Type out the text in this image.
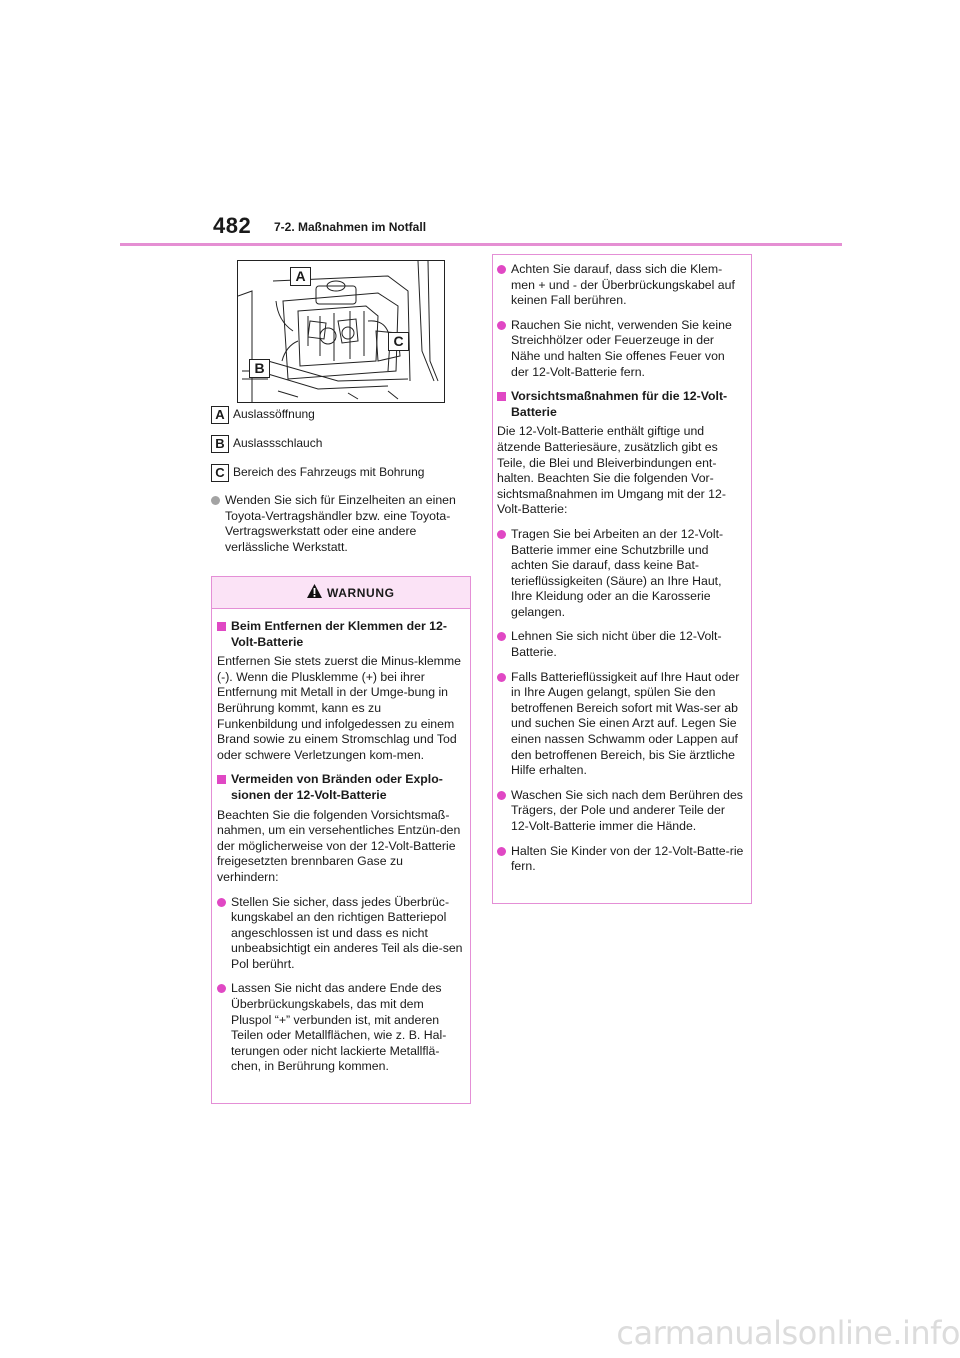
482 7-2. Maßnahmen im Notfall
A
B
C
A Auslassöffnung
B Auslassschlauch
C Bereich des Fahrzeugs mit Bohrung
Wenden Sie sich für Einzelheiten an einen Toyota-Vertragshändler bzw. eine Toyota-Vertragswerkstatt oder eine andere verlässliche Werkstatt.
WARNUNG
Beim Entfernen der Klemmen der 12-Volt-Batterie
Entfernen Sie stets zuerst die Minus-klemme (-). Wenn die Plusklemme (+) bei ihrer Entfernung mit Metall in der Umge-bung in Berührung kommt, kann es zu Funkenbildung und infolgedessen zu einem Brand sowie zu einem Stromschlag und Tod oder schwere Verletzungen kom-men.
Vermeiden von Bränden oder Explo-sionen der 12-Volt-Batterie
Beachten Sie die folgenden Vorsichtsmaß-nahmen, um ein versehentliches Entzün-den der möglicherweise von der 12-Volt-Batterie freigesetzten brennbaren Gase zu verhindern:
Stellen Sie sicher, dass jedes Überbrüc-kungskabel an den richtigen Batteriepol angeschlossen ist und dass es nicht unbeabsichtigt ein anderes Teil als die-sen Pol berührt.
Lassen Sie nicht das andere Ende des Überbrückungskabels, das mit dem Pluspol “+” verbunden ist, mit anderen Teilen oder Metallflächen, wie z. B. Hal-terungen oder nicht lackierte Metallflä-chen, in Berührung kommen.
Achten Sie darauf, dass sich die Klem-men + und - der Überbrückungskabel auf keinen Fall berühren.
Rauchen Sie nicht, verwenden Sie keine Streichhölzer oder Feuerzeuge in der Nähe und halten Sie offenes Feuer von der 12-Volt-Batterie fern.
Vorsichtsmaßnahmen für die 12-Volt-Batterie
Die 12-Volt-Batterie enthält giftige und ätzende Batteriesäure, zusätzlich gibt es Teile, die Blei und Bleiverbindungen ent-halten. Beachten Sie die folgenden Vor-sichtsmaßnahmen im Umgang mit der 12-Volt-Batterie:
Tragen Sie bei Arbeiten an der 12-Volt-Batterie immer eine Schutzbrille und achten Sie darauf, dass keine Bat-terieflüssigkeiten (Säure) an Ihre Haut, Ihre Kleidung oder an die Karosserie gelangen.
Lehnen Sie sich nicht über die 12-Volt-Batterie.
Falls Batterieflüssigkeit auf Ihre Haut oder in Ihre Augen gelangt, spülen Sie den betroffenen Bereich sofort mit Was-ser ab und suchen Sie einen Arzt auf. Legen Sie einen nassen Schwamm oder Lappen auf den betroffenen Bereich, bis Sie ärztliche Hilfe erhalten.
Waschen Sie sich nach dem Berühren des Trägers, der Pole und anderer Teile der 12-Volt-Batterie immer die Hände.
Halten Sie Kinder von der 12-Volt-Batte-rie fern.
carmanualsonline.info
